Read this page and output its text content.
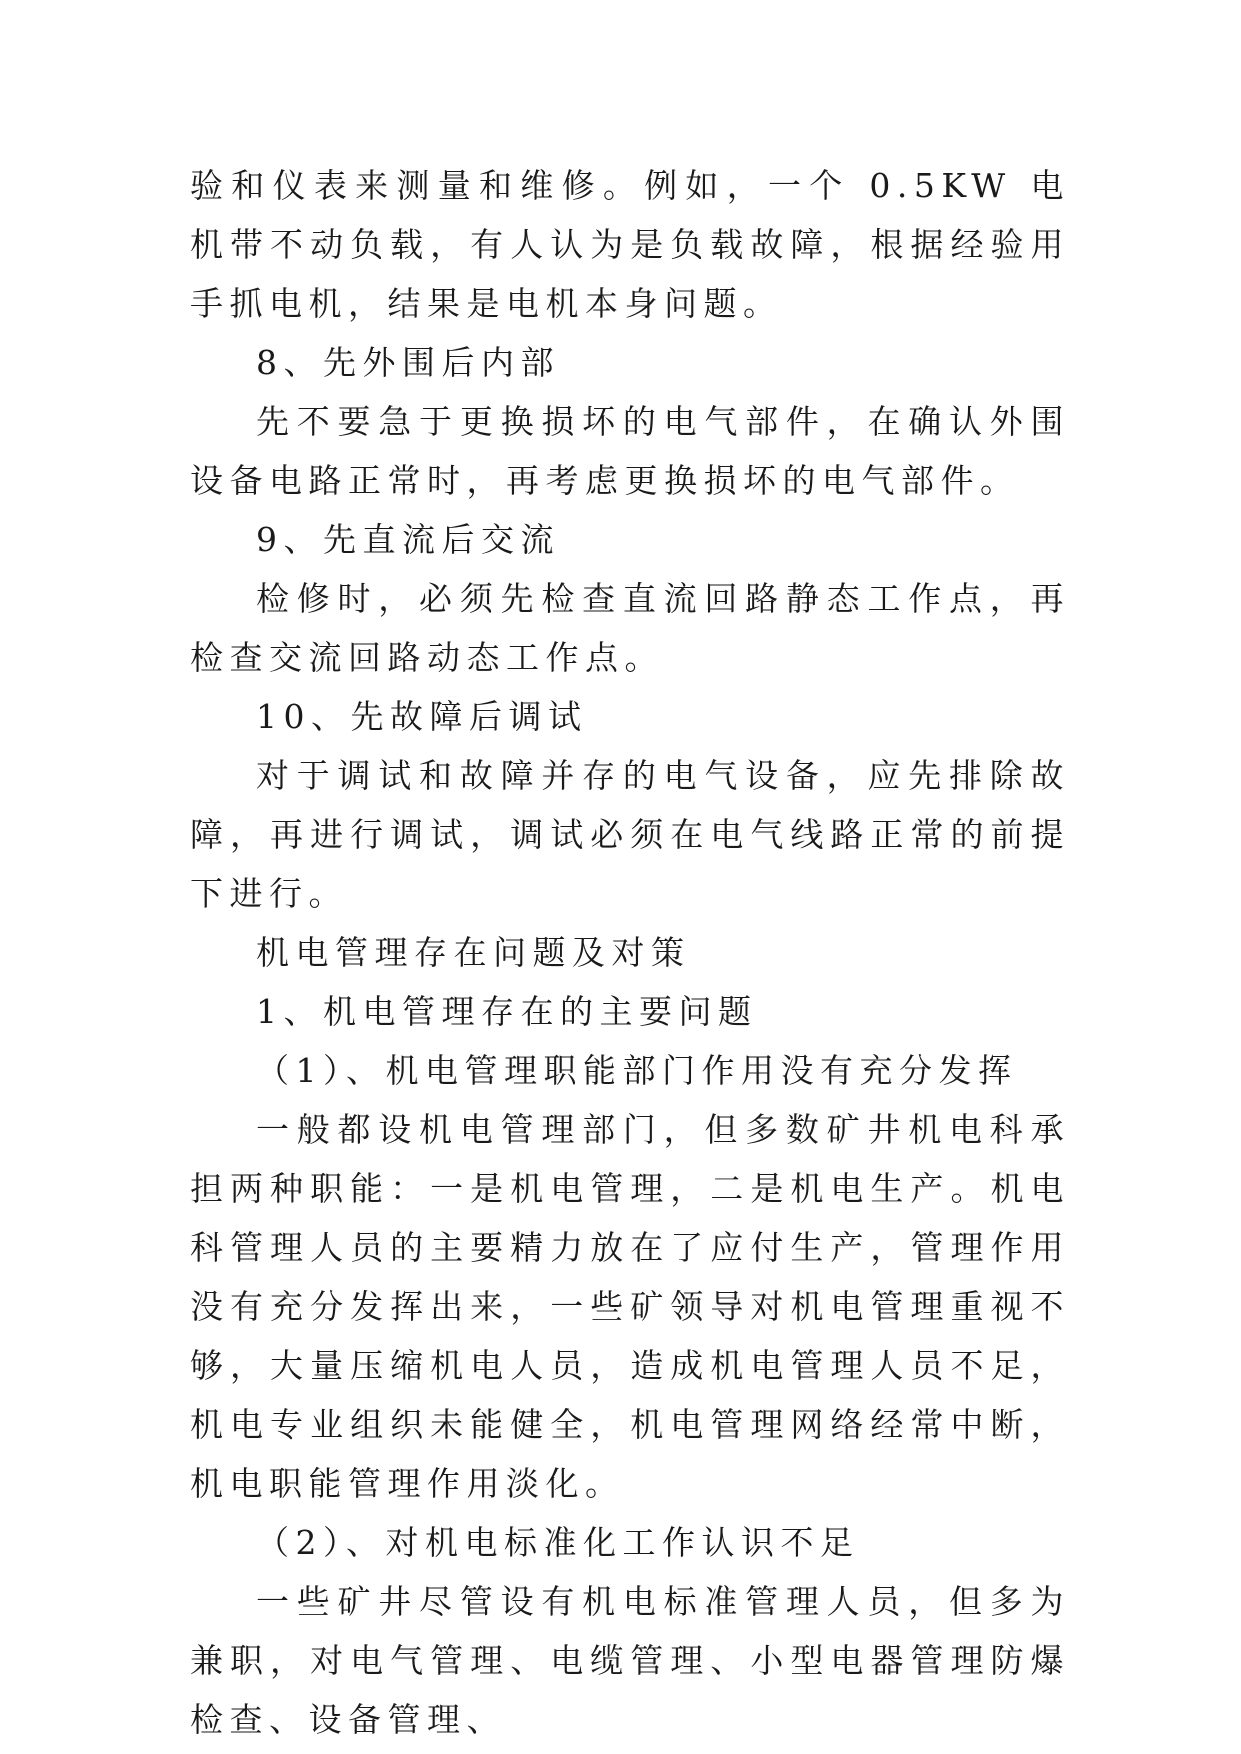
验和仪表来测量和维修。例如，一个 0.5KW 电机带不动负载，有人认为是负载故障，根据经验用手抓电机，结果是电机本身问题。

8、先外围后内部

先不要急于更换损坏的电气部件，在确认外围设备电路正常时，再考虑更换损坏的电气部件。

9、先直流后交流

检修时，必须先检查直流回路静态工作点，再检查交流回路动态工作点。

10、先故障后调试

对于调试和故障并存的电气设备，应先排除故障，再进行调试，调试必须在电气线路正常的前提下进行。

机电管理存在问题及对策

1、机电管理存在的主要问题

（1）、机电管理职能部门作用没有充分发挥

一般都设机电管理部门，但多数矿井机电科承担两种职能：一是机电管理，二是机电生产。机电科管理人员的主要精力放在了应付生产，管理作用没有充分发挥出来，一些矿领导对机电管理重视不够，大量压缩机电人员，造成机电管理人员不足，机电专业组织未能健全，机电管理网络经常中断，机电职能管理作用淡化。

（2）、对机电标准化工作认识不足

一些矿井尽管设有机电标准管理人员，但多为兼职，对电气管理、电缆管理、小型电器管理防爆检查、设备管理、
